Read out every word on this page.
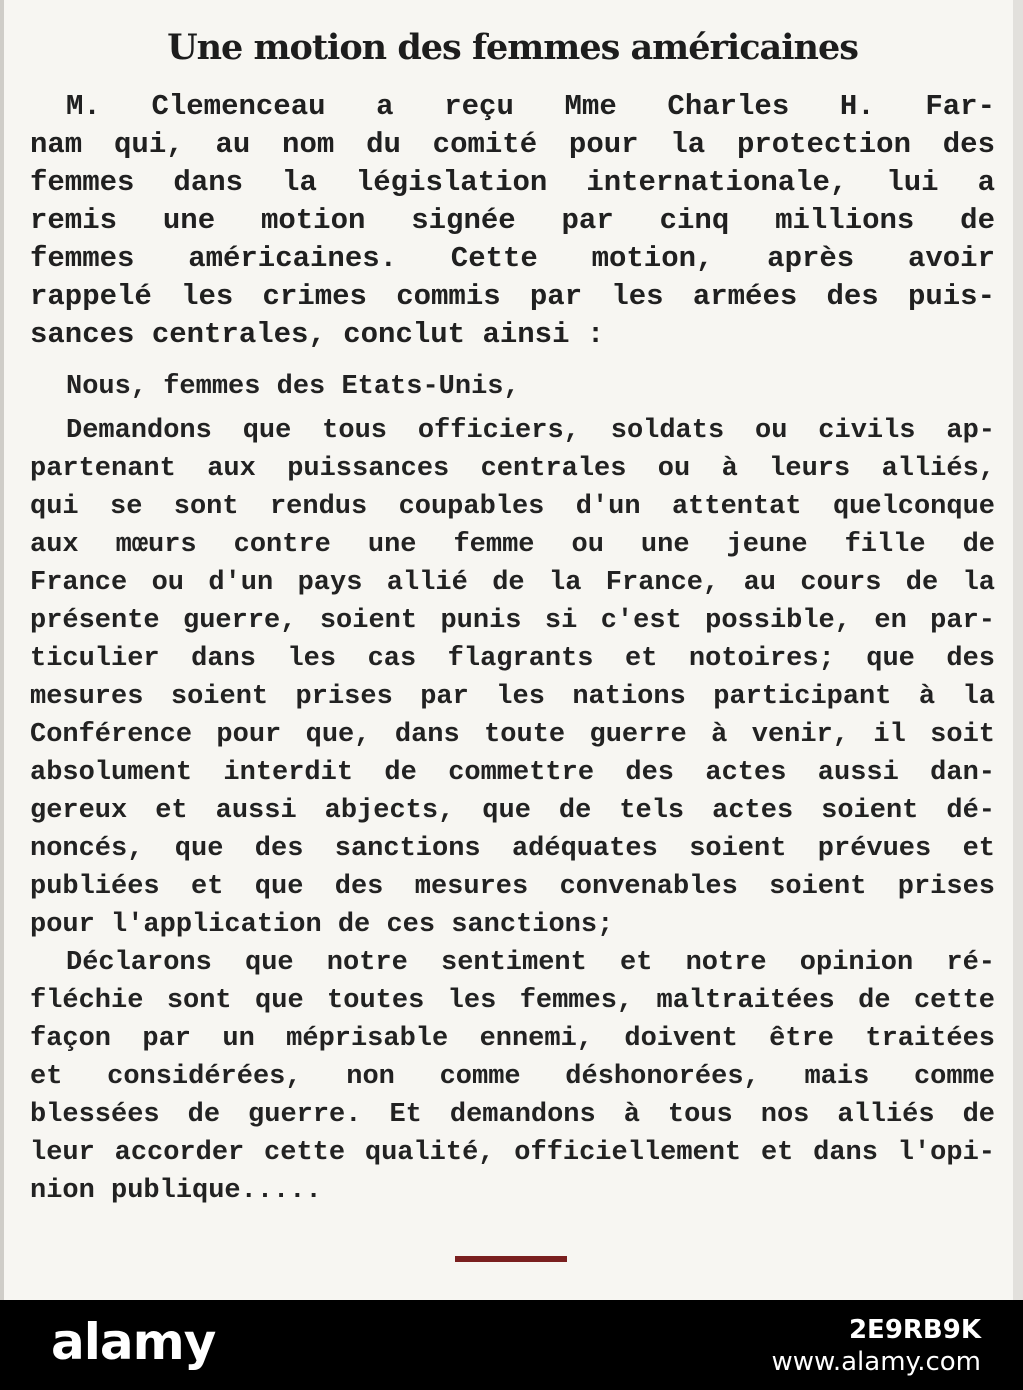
Une motion des femmes américaines
M. Clemenceau a reçu Mme Charles H. Far-
nam qui, au nom du comité pour la protection des
femmes dans la législation internationale, lui a
remis une motion signée par cinq millions de
femmes américaines. Cette motion, après avoir
rappelé les crimes commis par les armées des puis-
sances centrales, conclut ainsi :
Nous, femmes des Etats-Unis,
Demandons que tous officiers, soldats ou civils ap-
partenant aux puissances centrales ou à leurs alliés,
qui se sont rendus coupables d'un attentat quelconque
aux mœurs contre une femme ou une jeune fille de
France ou d'un pays allié de la France, au cours de la
présente guerre, soient punis si c'est possible, en par-
ticulier dans les cas flagrants et notoires; que des
mesures soient prises par les nations participant à la
Conférence pour que, dans toute guerre à venir, il soit
absolument interdit de commettre des actes aussi dan-
gereux et aussi abjects, que de tels actes soient dé-
noncés, que des sanctions adéquates soient prévues et
publiées et que des mesures convenables soient prises
pour l'application de ces sanctions;
Déclarons que notre sentiment et notre opinion ré-
fléchie sont que toutes les femmes, maltraitées de cette
façon par un méprisable ennemi, doivent être traitées
et considérées, non comme déshonorées, mais comme
blessées de guerre. Et demandons à tous nos alliés de
leur accorder cette qualité, officiellement et dans l'opi-
nion publique.....
alamy	2E9RB9K
www.alamy.com
